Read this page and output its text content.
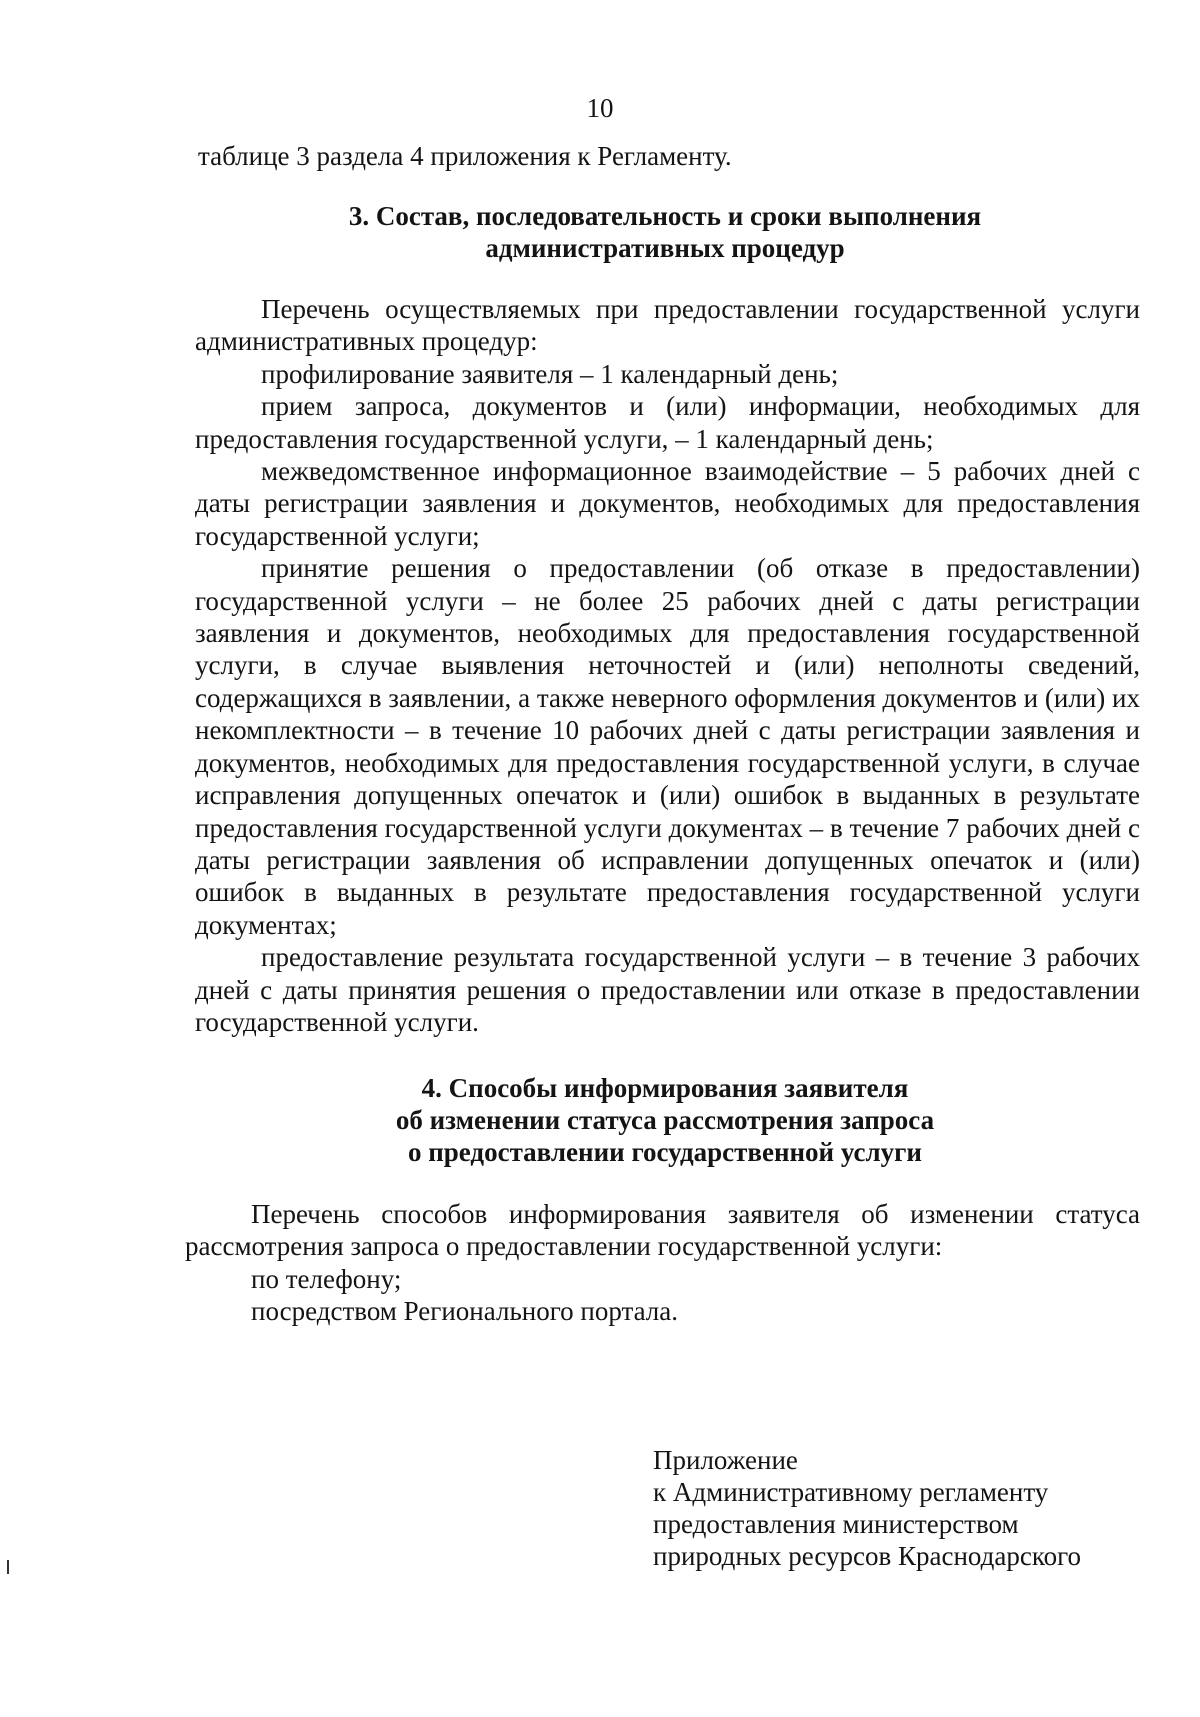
10
таблице 3 раздела 4 приложения к Регламенту.
3. Состав, последовательность и сроки выполнения
административных процедур

Перечень осуществляемых при предоставлении государственной услуги административных процедур:

профилирование заявителя – 1 календарный день;

прием запроса, документов и (или) информации, необходимых для предоставления государственной услуги, – 1 календарный день;

межведомственное информационное взаимодействие – 5 рабочих дней с даты регистрации заявления и документов, необходимых для предоставления государственной услуги;

принятие решения о предоставлении (об отказе в предоставлении) государственной услуги – не более 25 рабочих дней с даты регистрации заявления и документов, необходимых для предоставления государственной услуги, в случае выявления неточностей и (или) неполноты сведений, содержащихся в заявлении, а также неверного оформления документов и (или) их некомплектности – в течение 10 рабочих дней с даты регистрации заявления и документов, необходимых для предоставления государственной услуги, в случае исправления допущенных опечаток и (или) ошибок в выданных в результате предоставления государственной услуги документах – в течение 7 рабочих дней с даты регистрации заявления об исправлении допущенных опечаток и (или) ошибок в выданных в результате предоставления государственной услуги документах;

предоставление результата государственной услуги – в течение 3 рабочих дней с даты принятия решения о предоставлении или отказе в предоставлении государственной услуги.

4. Способы информирования заявителя
об изменении статуса рассмотрения запроса
о предоставлении государственной услуги

Перечень способов информирования заявителя об изменении статуса рассмотрения запроса о предоставлении государственной услуги:

по телефону;

посредством Регионального портала.

Приложение
к Административному регламенту
предоставления министерством
природных ресурсов Краснодарского
